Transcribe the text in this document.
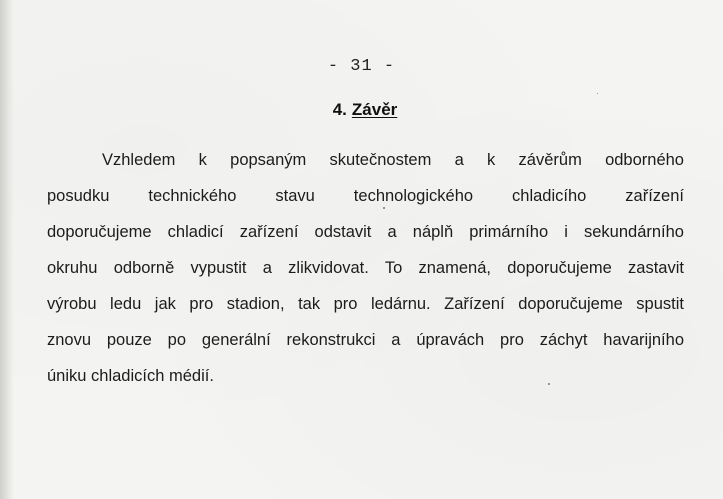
- 31 -
4. Závěr
Vzhledem k popsaným skutečnostem a k závěrům odborného
posudku technického stavu technologického chladicího zařízení
doporučujeme chladicí zařízení odstavit a náplň primárního i sekundárního
okruhu odborně vypustit a zlikvidovat. To znamená, doporučujeme zastavit
výrobu ledu jak pro stadion, tak pro ledárnu. Zařízení doporučujeme spustit
znovu pouze po generální rekonstrukci a úpravách pro záchyt havarijního
úniku chladicích médií.
